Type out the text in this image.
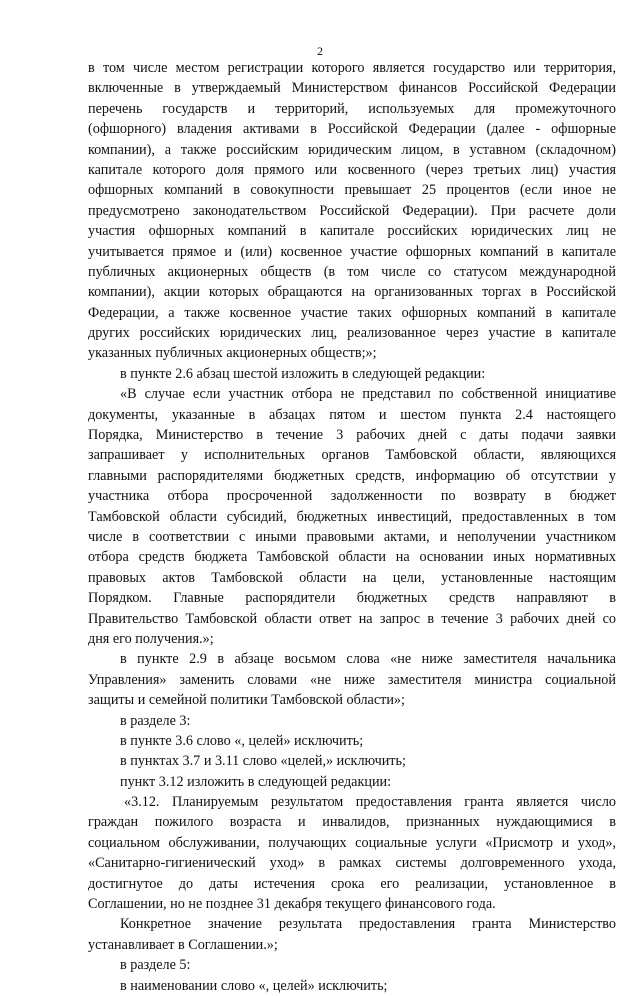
2
в том числе местом регистрации которого является государство или территория,
включенные в утверждаемый Министерством финансов Российской Федерации
перечень государств и территорий, используемых для промежуточного
(офшорного) владения активами в Российской Федерации (далее - офшорные
компании), а также российским юридическим лицом, в уставном (складочном)
капитале которого доля прямого или косвенного (через третьих лиц) участия
офшорных компаний в совокупности превышает 25 процентов (если иное не
предусмотрено законодательством Российской Федерации). При расчете доли
участия офшорных компаний в капитале российских юридических лиц не
учитывается прямое и (или) косвенное участие офшорных компаний в капитале
публичных акционерных обществ (в том числе со статусом международной
компании), акции которых обращаются на организованных торгах в Российской
Федерации, а также косвенное участие таких офшорных компаний в капитале
других российских юридических лиц, реализованное через участие в капитале
указанных публичных акционерных обществ;»;
в пункте 2.6 абзац шестой изложить в следующей редакции:
«В случае если участник отбора не представил по собственной инициативе
документы, указанные в абзацах пятом и шестом пункта 2.4 настоящего
Порядка, Министерство в течение 3 рабочих дней с даты подачи заявки
запрашивает у исполнительных органов Тамбовской области, являющихся
главными распорядителями бюджетных средств, информацию об отсутствии у
участника отбора просроченной задолженности по возврату в бюджет
Тамбовской области субсидий, бюджетных инвестиций, предоставленных в том
числе в соответствии с иными правовыми актами, и неполучении участником
отбора средств бюджета Тамбовской области на основании иных нормативных
правовых актов Тамбовской области на цели, установленные настоящим
Порядком. Главные распорядители бюджетных средств направляют в
Правительство Тамбовской области ответ на запрос в течение 3 рабочих дней со
дня его получения.»;
в пункте 2.9 в абзаце восьмом слова «не ниже заместителя начальника
Управления» заменить словами «не ниже заместителя министра социальной
защиты и семейной политики Тамбовской области»;
в разделе 3:
в пункте 3.6 слово «, целей» исключить;
в пунктах 3.7 и 3.11 слово «целей,» исключить;
пункт 3.12 изложить в следующей редакции:
«3.12. Планируемым результатом предоставления гранта является число
граждан пожилого возраста и инвалидов, признанных нуждающимися в
социальном обслуживании, получающих социальные услуги «Присмотр и уход»,
«Санитарно-гигиенический уход» в рамках системы долговременного ухода,
достигнутое до даты истечения срока его реализации, установленное в
Соглашении, но не позднее 31 декабря текущего финансового года.
Конкретное значение результата предоставления гранта Министерство
устанавливает в Соглашении.»;
в разделе 5:
в наименовании слово «, целей» исключить;
